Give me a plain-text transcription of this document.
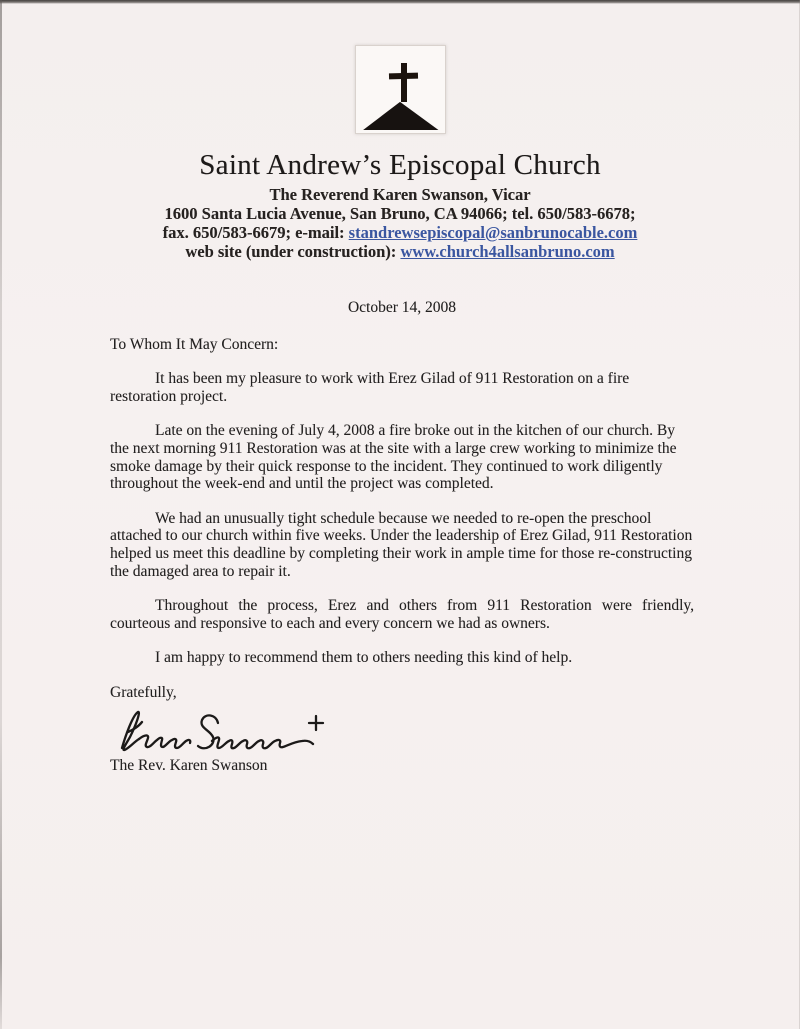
Saint Andrew’s Episcopal Church
The Reverend Karen Swanson, Vicar
1600 Santa Lucia Avenue, San Bruno, CA 94066; tel. 650/583-6678;
fax. 650/583-6679; e-mail: standrewsepiscopal@sanbrunocable.com
web site (under construction): www.church4allsanbruno.com
October 14, 2008
To Whom It May Concern:

It has been my pleasure to work with Erez Gilad of 911 Restoration on a fire restoration project.

Late on the evening of July 4, 2008 a fire broke out in the kitchen of our church. By the next morning 911 Restoration was at the site with a large crew working to minimize the smoke damage by their quick response to the incident. They continued to work diligently throughout the week-end and until the project was completed.

We had an unusually tight schedule because we needed to re-open the preschool attached to our church within five weeks. Under the leadership of Erez Gilad, 911 Restoration helped us meet this deadline by completing their work in ample time for those re-constructing the damaged area to repair it.

Throughout the process, Erez and others from 911 Restoration were friendly, courteous and responsive to each and every concern we had as owners.

I am happy to recommend them to others needing this kind of help.

Gratefully,
The Rev. Karen Swanson
